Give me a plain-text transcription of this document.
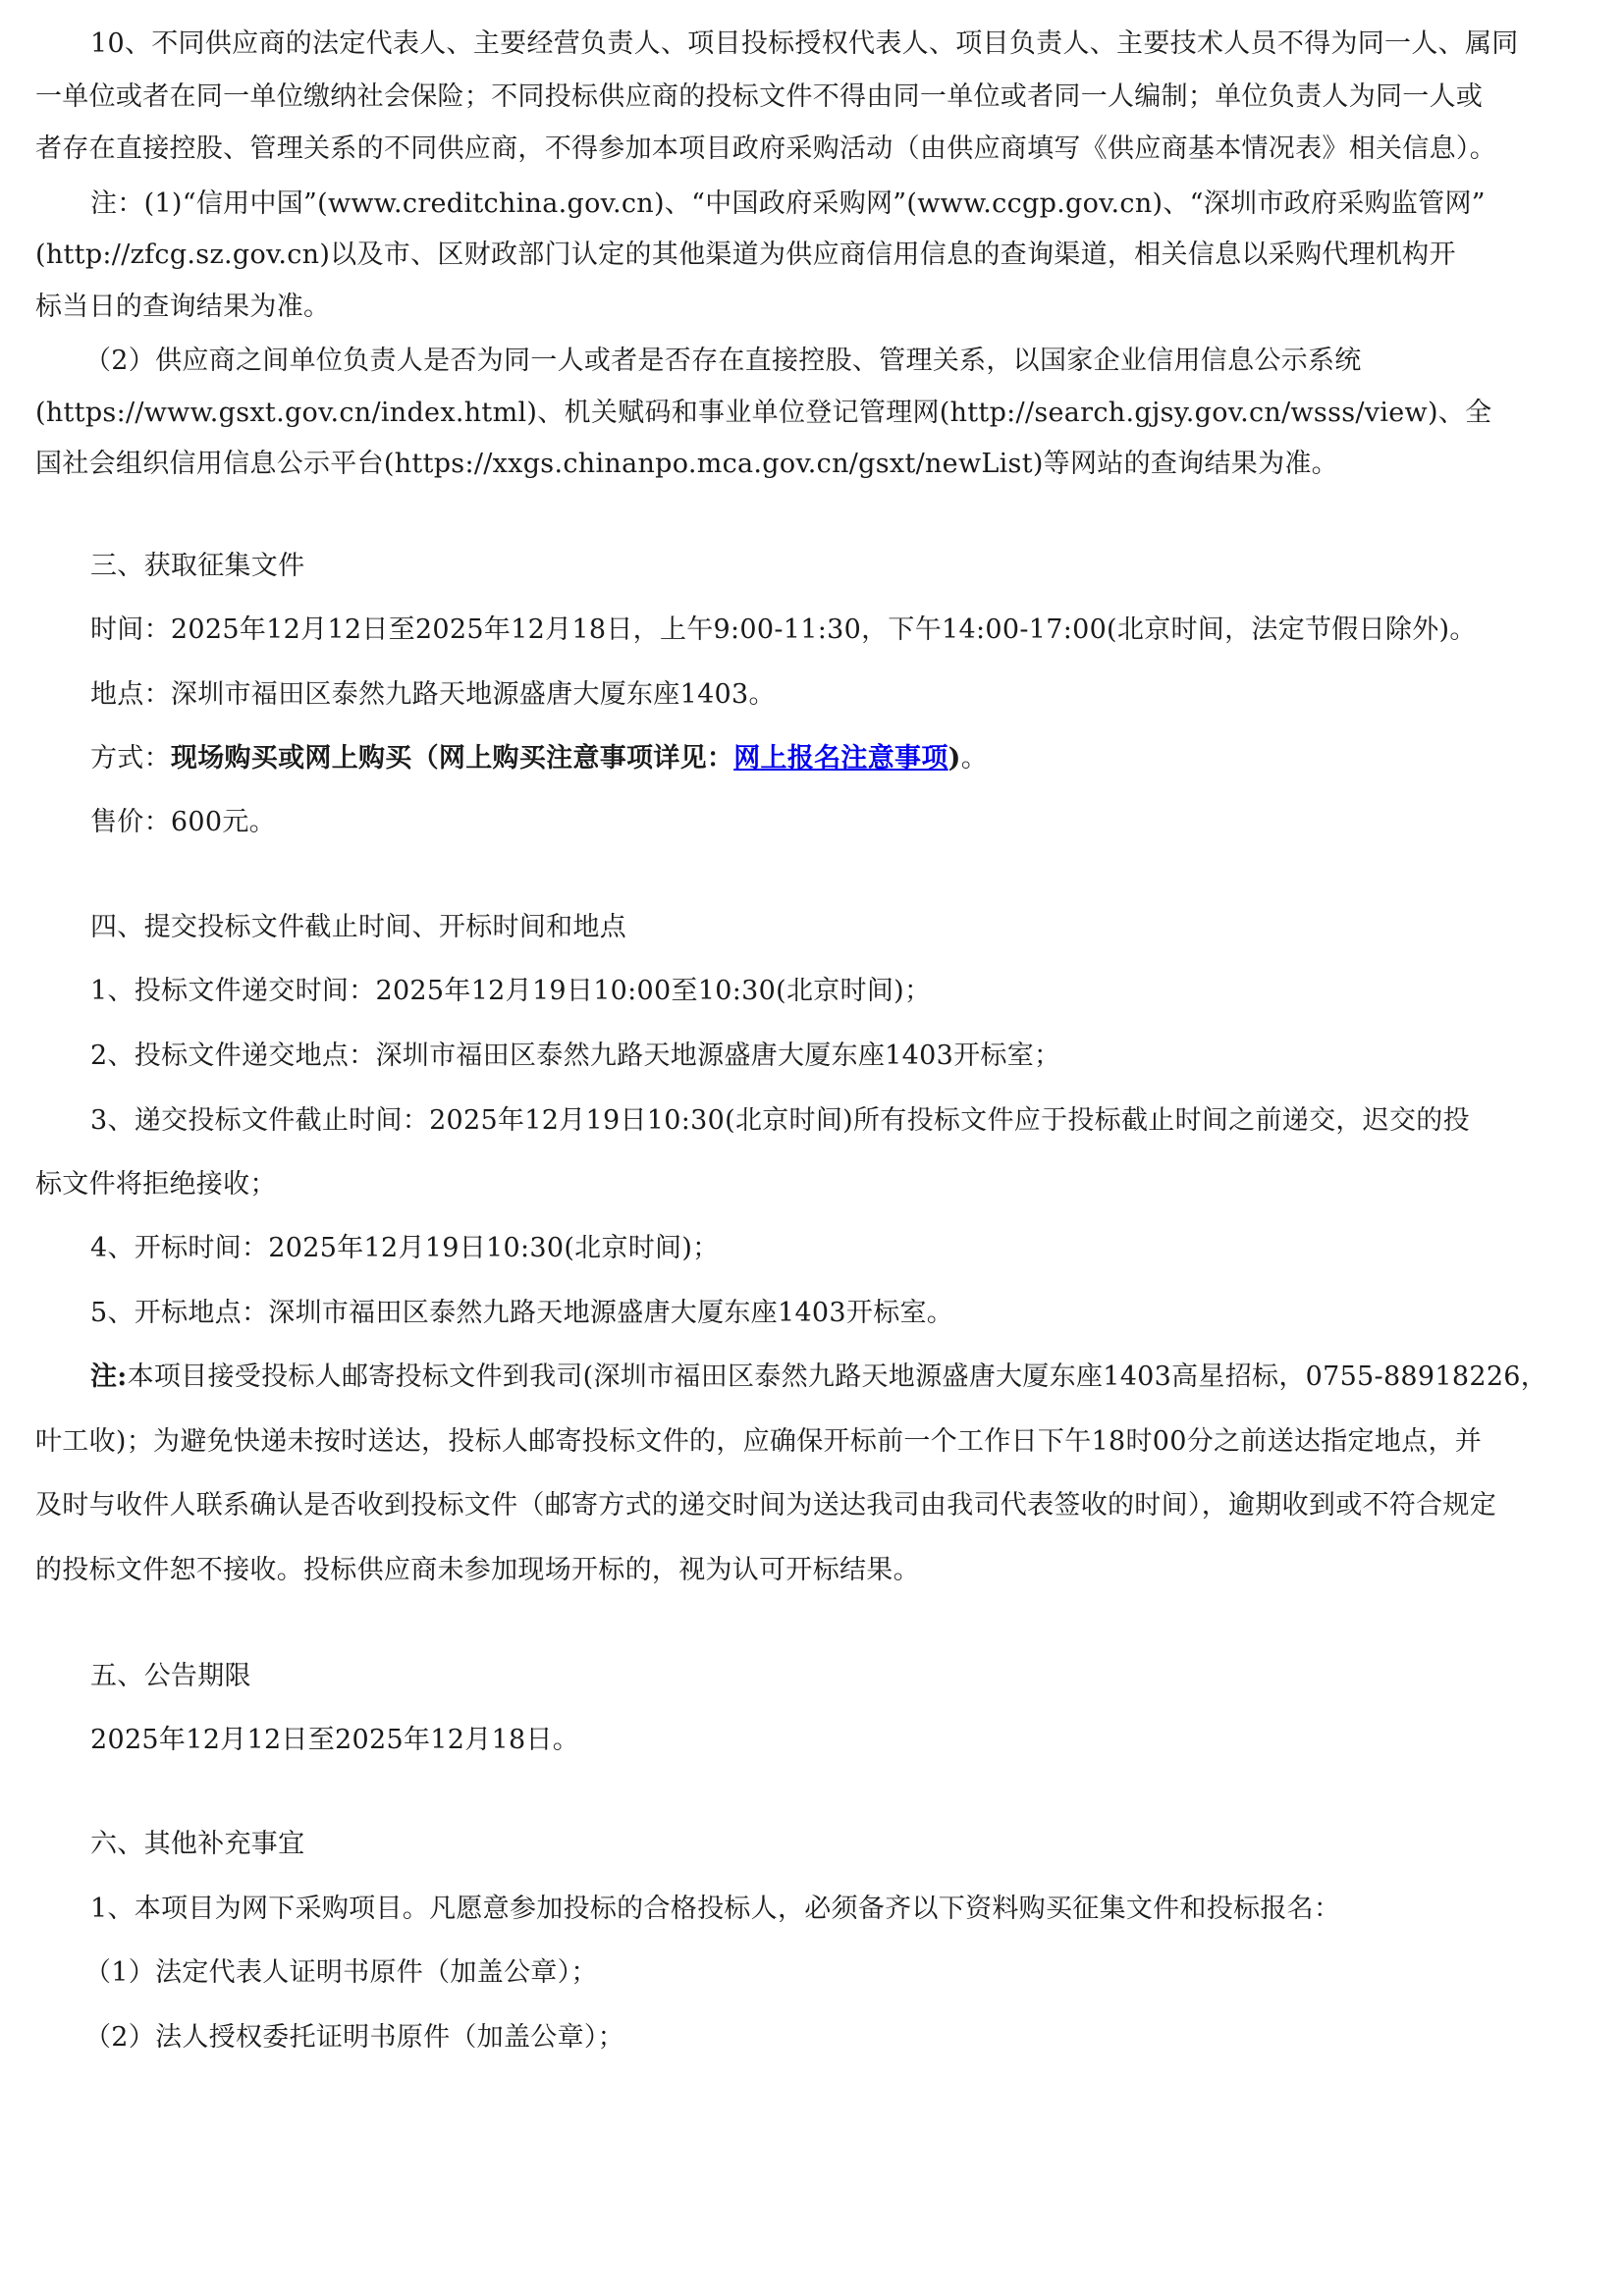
10、不同供应商的法定代表人、主要经营负责人、项目投标授权代表人、项目负责人、主要技术人员不得为同一人、属同
一单位或者在同一单位缴纳社会保险；不同投标供应商的投标文件不得由同一单位或者同一人编制；单位负责人为同一人或
者存在直接控股、管理关系的不同供应商，不得参加本项目政府采购活动（由供应商填写《供应商基本情况表》相关信息）。
注：(1)“信用中国”(www.creditchina.gov.cn)、“中国政府采购网”(www.ccgp.gov.cn)、“深圳市政府采购监管网”
(http://zfcg.sz.gov.cn)以及市、区财政部门认定的其他渠道为供应商信用信息的查询渠道，相关信息以采购代理机构开
标当日的查询结果为准。
（2）供应商之间单位负责人是否为同一人或者是否存在直接控股、管理关系，以国家企业信用信息公示系统
(https://www.gsxt.gov.cn/index.html)、机关赋码和事业单位登记管理网(http://search.gjsy.gov.cn/wsss/view)、全
国社会组织信用信息公示平台(https://xxgs.chinanpo.mca.gov.cn/gsxt/newList)等网站的查询结果为准。
三、获取征集文件
时间：2025年12月12日至2025年12月18日，上午9:00-11:30，下午14:00-17:00(北京时间，法定节假日除外)。
地点：深圳市福田区泰然九路天地源盛唐大厦东座1403。
方式：现场购买或网上购买（网上购买注意事项详见：网上报名注意事项)。
售价：600元。
四、提交投标文件截止时间、开标时间和地点
1、投标文件递交时间：2025年12月19日10:00至10:30(北京时间)；
2、投标文件递交地点：深圳市福田区泰然九路天地源盛唐大厦东座1403开标室；
3、递交投标文件截止时间：2025年12月19日10:30(北京时间)所有投标文件应于投标截止时间之前递交，迟交的投
标文件将拒绝接收；
4、开标时间：2025年12月19日10:30(北京时间)；
5、开标地点：深圳市福田区泰然九路天地源盛唐大厦东座1403开标室。
注:本项目接受投标人邮寄投标文件到我司(深圳市福田区泰然九路天地源盛唐大厦东座1403高星招标，0755-88918226，
叶工收)；为避免快递未按时送达，投标人邮寄投标文件的，应确保开标前一个工作日下午18时00分之前送达指定地点，并
及时与收件人联系确认是否收到投标文件（邮寄方式的递交时间为送达我司由我司代表签收的时间），逾期收到或不符合规定
的投标文件恕不接收。投标供应商未参加现场开标的，视为认可开标结果。
五、公告期限
2025年12月12日至2025年12月18日。
六、其他补充事宜
1、本项目为网下采购项目。凡愿意参加投标的合格投标人，必须备齐以下资料购买征集文件和投标报名：
（1）法定代表人证明书原件（加盖公章）；
（2）法人授权委托证明书原件（加盖公章）；
